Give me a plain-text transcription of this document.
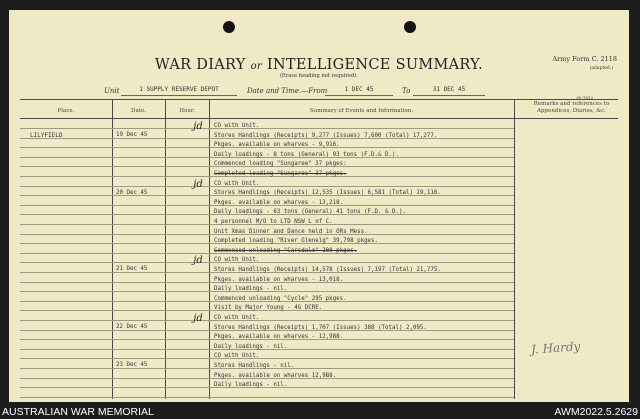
WAR DIARY or INTELLIGENCE SUMMARY.
(Erase heading not required).
Army Form C. 2118
(adapted.)
Unit	1 SUPPLY RESERVE DEPOT	Date and Time.—From	1 DEC 45	To	31 DEC 45
90-7613
Place.	Date.	Hour.	Summary of Events and Information.
Remarks and references to
Appendices, Diaries, &c.
LILYFIELD	19 Dec 45
jd	CO with Unit.
Stores Handlings (Receipts) 9,277 (Issues) 7,600 (Total) 17,277.
Pkges. available on wharves - 9,916.
Daily loadings - 8 tons (General) 93 tons (F.D.& D.).
Commenced loading "Sungaree" 37 pkges:
Completed loading "Sungaree" 37 pkges.
20 Dec 45
jd	CO with Unit.
Stores Handlings (Receipts) 12,535 (Issues) 6,581 (Total) 19,116.
Pkges. available on wharves - 13,218.
Daily loadings - 63 tons (General) 41 tons (F.D. & D.).
4 personnel M/O to LTD NSW L of C.
Unit Xmas Dinner and Dance held in ORs Mess.
Completed loading "River Glenelg" 39,798 pkges.
Commenced unloading "Carsdale" 200 pkges.
21 Dec 45
jd	CO with Unit.
Stores Handlings (Receipts) 14,578 (Issues) 7,197 (Total) 21,775.
Pkges. available on wharves - 13,018.
Daily loadings - nil.
Commenced unloading "Cycle" 295 pkges.
Visit by Major Young - 4G DCRE.
22 Dec 45
jd	CO with Unit.
Stores Handlings (Receipts) 1,707 (Issues) 388 (Total) 2,095.
Pkges. available on wharves - 12,988.
Daily loadings - nil.
23 Dec 45
CO with Unit.
Stores Handlings - nil.
Pkges. available on wharves 12,988.
Daily loadings - nil.
J. Hardy
AUSTRALIAN WAR MEMORIAL	AWM2022.5.2629
